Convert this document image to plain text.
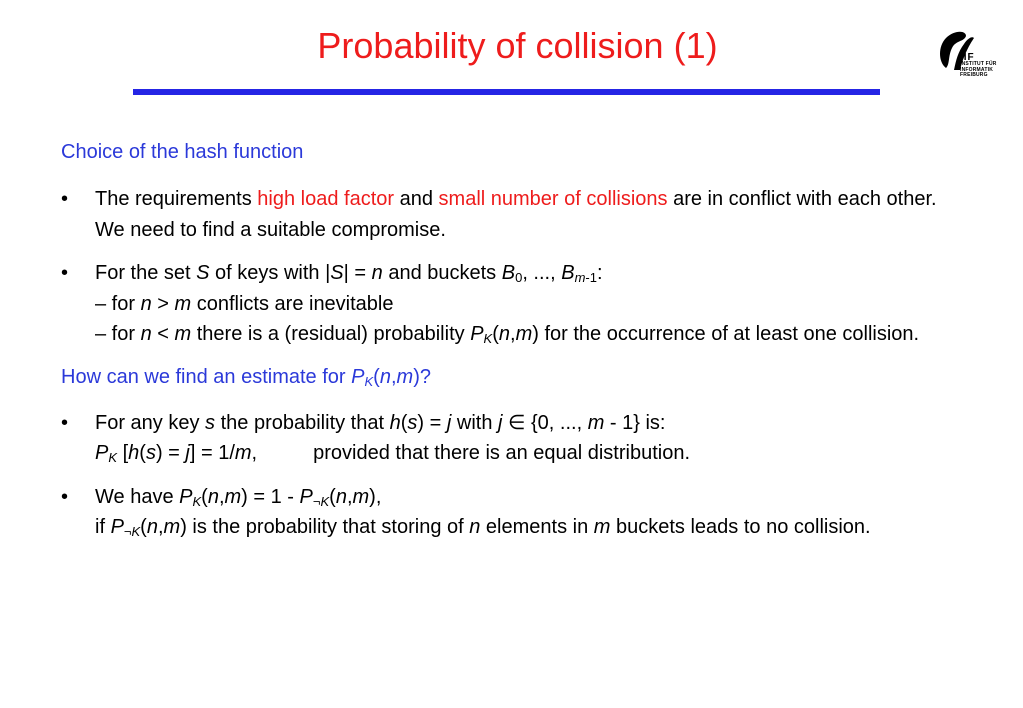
Probability of collision (1)	IIF
INSTITUT FÜR
INFORMATIK
FREIBURG
Choice of the hash function
• The requirements high load factor and small number of collisions are in conflict with each other. We need to find a suitable compromise.
• For the set S of keys with |S| = n and buckets $B_0$, ..., $B_{m-1}$:
– for n > m conflicts are inevitable
– for n < m there is a (residual) probability $P_K(n,m)$ for the occurrence of at least one collision.
How can we find an estimate for $P_K(n,m)$?
• For any key s the probability that h(s) = j with j ∈ {0, ..., m - 1} is:
$P_K$ [h(s) = j] = 1/m,	provided that there is an equal distribution.
• We have $P_K(n,m) = 1 - P_{\neg K}(n,m)$,
if $P_{\neg K}(n,m)$ is the probability that storing of n elements in m buckets leads to no collision.
